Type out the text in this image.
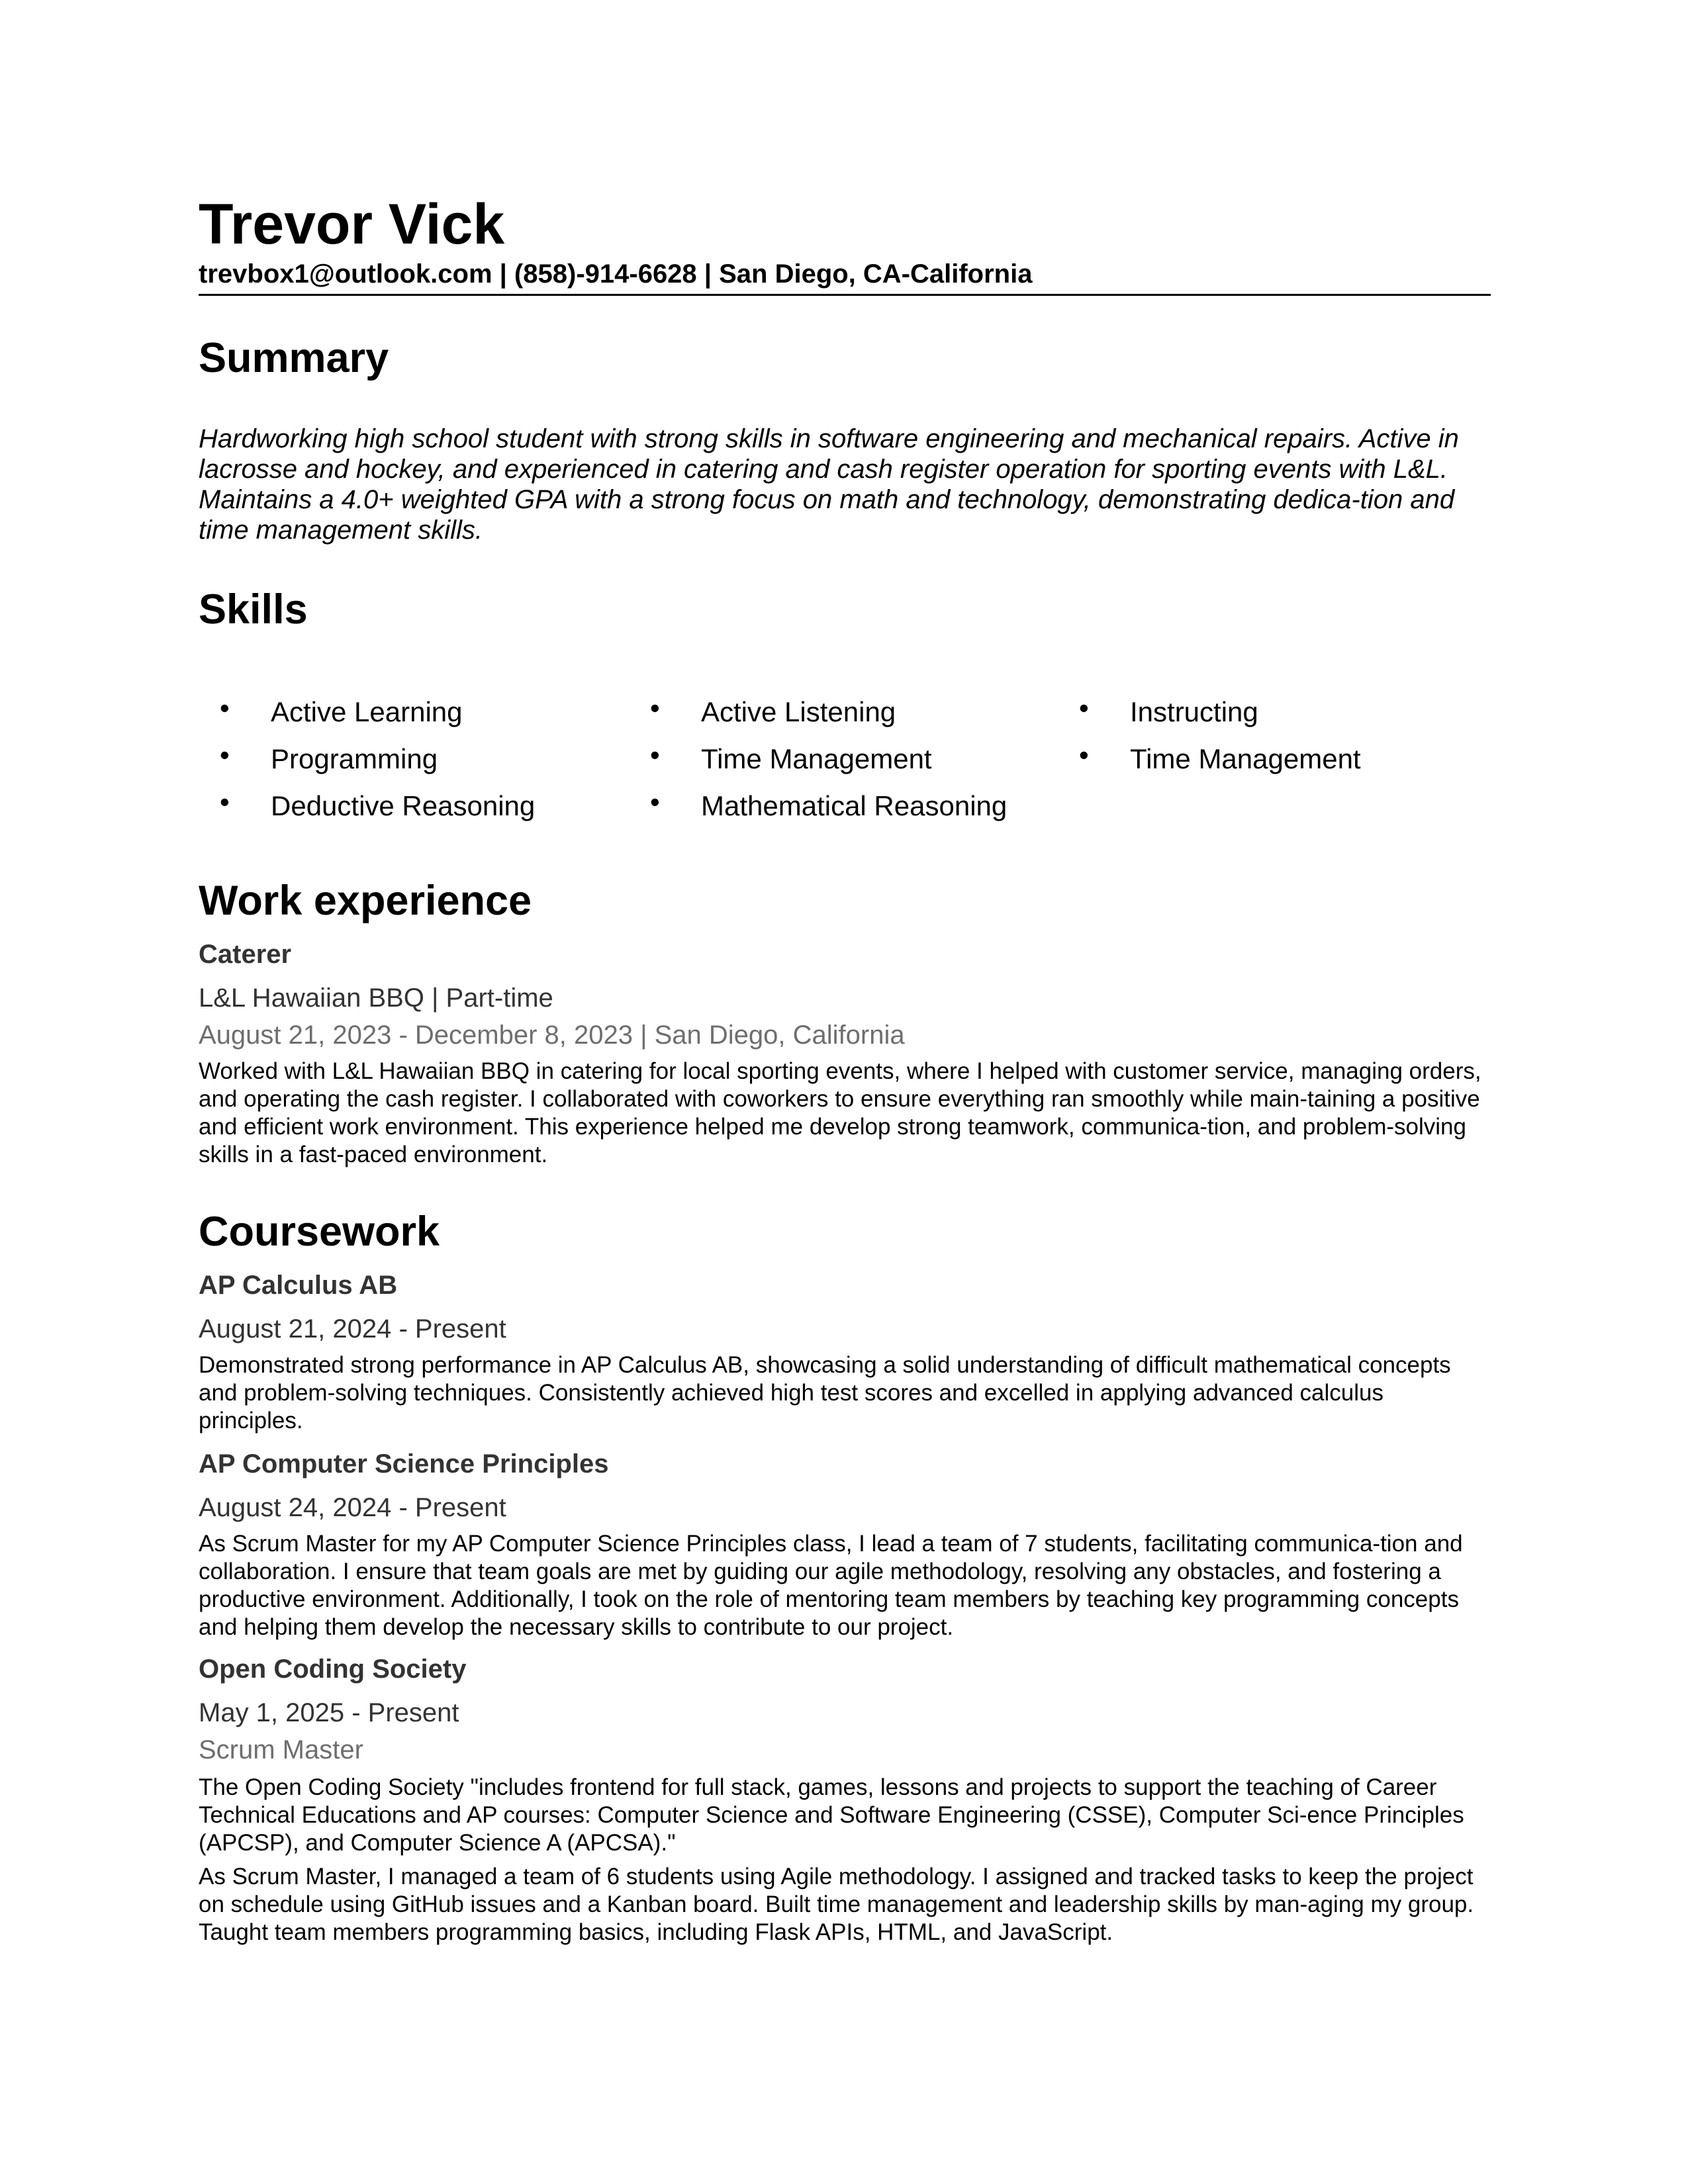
Trevor Vick
trevbox1@outlook.com | (858)-914-6628 | San Diego, CA-California
Summary

Hardworking high school student with strong skills in software engineering and mechanical repairs. Active in lacrosse and hockey, and experienced in catering and cash register operation for sporting events with L&L. Maintains a 4.0+ weighted GPA with a strong focus on math and technology, demonstrating dedica-tion and time management skills.

Skills
• Active Learning
• Programming
• Deductive Reasoning
• Active Listening
• Time Management
• Mathematical Reasoning
• Instructing
• Time Management
Work experience
Caterer
L&L Hawaiian BBQ | Part-time
August 21, 2023 - December 8, 2023 | San Diego, California

Worked with L&L Hawaiian BBQ in catering for local sporting events, where I helped with customer service, managing orders, and operating the cash register. I collaborated with coworkers to ensure everything ran smoothly while main-taining a positive and efficient work environment. This experience helped me develop strong teamwork, communica-tion, and problem-solving skills in a fast-paced environment.

Coursework
AP Calculus AB
August 21, 2024 - Present

Demonstrated strong performance in AP Calculus AB, showcasing a solid understanding of difficult mathematical concepts and problem-solving techniques. Consistently achieved high test scores and excelled in applying advanced calculus principles.

AP Computer Science Principles
August 24, 2024 - Present

As Scrum Master for my AP Computer Science Principles class, I lead a team of 7 students, facilitating communica-tion and collaboration. I ensure that team goals are met by guiding our agile methodology, resolving any obstacles, and fostering a productive environment. Additionally, I took on the role of mentoring team members by teaching key programming concepts and helping them develop the necessary skills to contribute to our project.

Open Coding Society
May 1, 2025 - Present
Scrum Master

The Open Coding Society "includes frontend for full stack, games, lessons and projects to support the teaching of Career Technical Educations and AP courses: Computer Science and Software Engineering (CSSE), Computer Sci-ence Principles (APCSP), and Computer Science A (APCSA)."

As Scrum Master, I managed a team of 6 students using Agile methodology. I assigned and tracked tasks to keep the project on schedule using GitHub issues and a Kanban board. Built time management and leadership skills by man-aging my group. Taught team members programming basics, including Flask APIs, HTML, and JavaScript.
